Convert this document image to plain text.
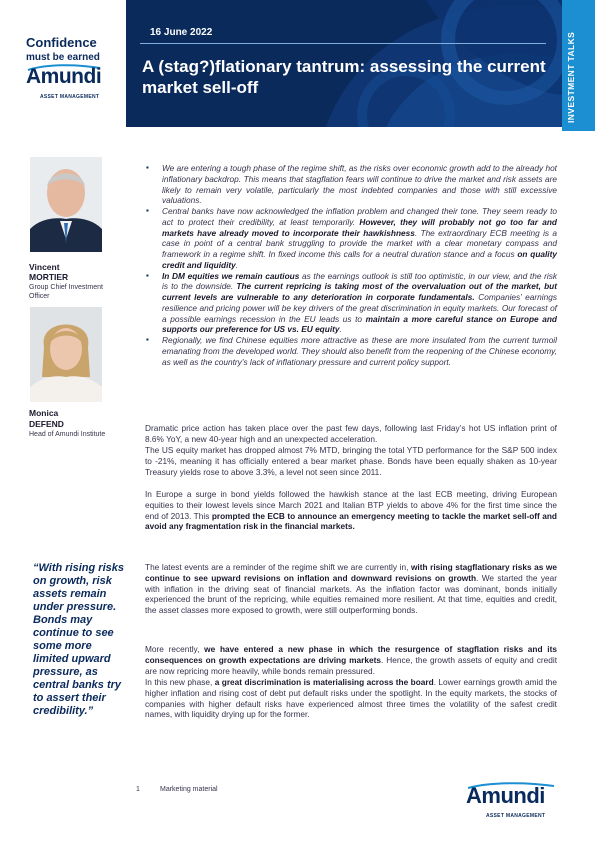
Confidence
must be earned
Amundi
ASSET MANAGEMENT
16 June 2022
A (stag?)flationary tantrum: assessing the current market sell-off	INVESTMENT TALKS
Vincent
MORTIER
Group Chief Investment Officer
Monica
DEFEND
Head of Amundi Institute
“With rising risks on growth, risk assets remain under pressure. Bonds may continue to see some more limited upward pressure, as central banks try to assert their credibility.”
▪ We are entering a tough phase of the regime shift, as the risks over economic growth add to the already hot inflationary backdrop. This means that stagflation fears will continue to drive the market and risk assets are likely to remain very volatile, particularly the most indebted companies and those with still excessive valuations.
▪ Central banks have now acknowledged the inflation problem and changed their tone. They seem ready to act to protect their credibility, at least temporarily. However, they will probably not go too far and markets have already moved to incorporate their hawkishness. The extraordinary ECB meeting is a case in point of a central bank struggling to provide the market with a clear monetary compass and framework in a regime shift. In fixed income this calls for a neutral duration stance and a focus on quality credit and liquidity.
▪ In DM equities we remain cautious as the earnings outlook is still too optimistic, in our view, and the risk is to the downside. The current repricing is taking most of the overvaluation out of the market, but current levels are vulnerable to any deterioration in corporate fundamentals. Companies’ earnings resilience and pricing power will be key drivers of the great discrimination in equity markets. Our forecast of a possible earnings recession in the EU leads us to maintain a more careful stance on Europe and supports our preference for US vs. EU equity.
▪ Regionally, we find Chinese equities more attractive as these are more insulated from the current turmoil emanating from the developed world. They should also benefit from the reopening of the Chinese economy, as well as the country’s lack of inflationary pressure and current policy support.

Dramatic price action has taken place over the past few days, following last Friday’s hot US inflation print of 8.6% YoY, a new 40-year high and an unexpected acceleration.

The US equity market has dropped almost 7% MTD, bringing the total YTD performance for the S&P 500 index to -21%, meaning it has officially entered a bear market phase. Bonds have been equally shaken as 10-year Treasury yields rose to above 3.3%, a level not seen since 2011.

In Europe a surge in bond yields followed the hawkish stance at the last ECB meeting, driving European equities to their lowest levels since March 2021 and Italian BTP yields to above 4% for the first time since the end of 2013. This prompted the ECB to announce an emergency meeting to tackle the market sell-off and avoid any fragmentation risk in the financial markets.

The latest events are a reminder of the regime shift we are currently in, with rising stagflationary risks as we continue to see upward revisions on inflation and downward revisions on growth. We started the year with inflation in the driving seat of financial markets. As the inflation factor was dominant, bonds initially experienced the brunt of the repricing, while equities remained more resilient. At that time, equities and credit, the asset classes more exposed to growth, were still outperforming bonds.

More recently, we have entered a new phase in which the resurgence of stagflation risks and its consequences on growth expectations are driving markets. Hence, the growth assets of equity and credit are now repricing more heavily, while bonds remain pressured.

In this new phase, a great discrimination is materialising across the board. Lower earnings growth amid the higher inflation and rising cost of debt put default risks under the spotlight. In the equity markets, the stocks of companies with higher default risks have experienced almost three times the volatility of the safest credit names, with liquidity drying up for the former.

1	Marketing material	Amundi
ASSET MANAGEMENT
